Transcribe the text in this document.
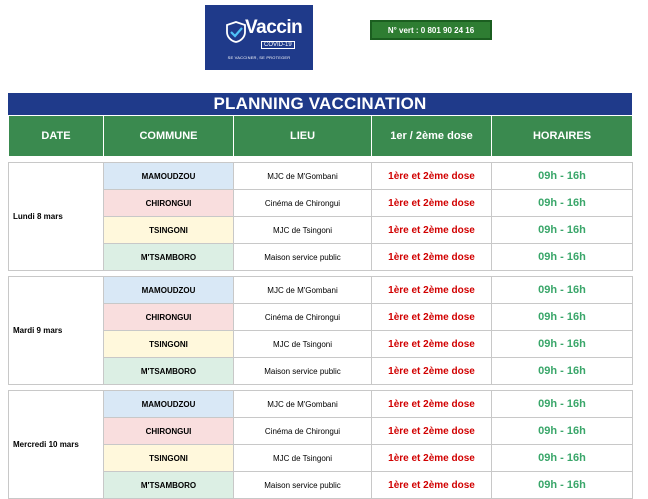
Vaccin
COVID-19
SE VACCINER, SE PROTEGER
N° vert : 0 801 90 24 16
PLANNING VACCINATION
DATE	COMMUNE	LIEU	1er / 2ème dose	HORAIRES

Lundi 8 mars	MAMOUDZOU	MJC de M'Gombani	1ère et 2ème dose	09h - 16h
	CHIRONGUI	Cinéma de Chirongui	1ère et 2ème dose	09h - 16h
	TSINGONI	MJC de Tsingoni	1ère et 2ème dose	09h - 16h
	M'TSAMBORO	Maison service public	1ère et 2ème dose	09h - 16h

Mardi 9 mars	MAMOUDZOU	MJC de M'Gombani	1ère et 2ème dose	09h - 16h
	CHIRONGUI	Cinéma de Chirongui	1ère et 2ème dose	09h - 16h
	TSINGONI	MJC de Tsingoni	1ère et 2ème dose	09h - 16h
	M'TSAMBORO	Maison service public	1ère et 2ème dose	09h - 16h

Mercredi 10 mars	MAMOUDZOU	MJC de M'Gombani	1ère et 2ème dose	09h - 16h
	CHIRONGUI	Cinéma de Chirongui	1ère et 2ème dose	09h - 16h
	TSINGONI	MJC de Tsingoni	1ère et 2ème dose	09h - 16h
	M'TSAMBORO	Maison service public	1ère et 2ème dose	09h - 16h
